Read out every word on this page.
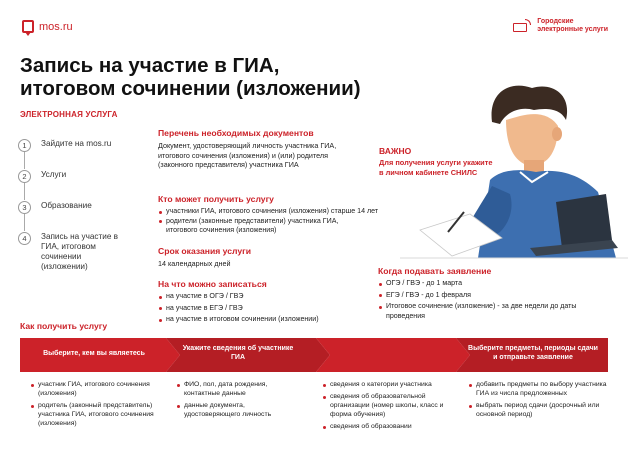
mos.ru	Городские
электронные услуги
Запись на участие в ГИА,
итоговом сочинении (изложении)
ЭЛЕКТРОННАЯ УСЛУГА
1	Зайдите на mos.ru
2	Услуги
3	Образование
4	Запись на участие в ГИА, итоговом сочинении (изложении)
Перечень необходимых документов
Документ, удостоверяющий личность участника ГИА, итогового сочинения (изложения) и (или) родителя (законного представителя) участника ГИА
Кто может получить услугу
участники ГИА, итогового сочинения (изложения) старше 14 лет
родители (законные представители) участника ГИА, итогового сочинения (изложения)
Срок оказания услуги
14 календарных дней
На что можно записаться
на участие в ОГЭ / ГВЭ
на участие в ЕГЭ / ГВЭ
на участие в итоговом сочинении (изложении)
ВАЖНО
Для получения услуги укажите в личном кабинете СНИЛС
Когда подавать заявление
ОГЭ / ГВЭ - до 1 марта
ЕГЭ / ГВЭ - до 1 февраля
Итоговое сочинение (изложение) - за две недели до даты проведения
Как получить услугу
Выберите, кем вы являетесь
Укажите сведения об участнике ГИА
Выберите предметы, периоды сдачи и отправьте заявление
участник ГИА, итогового сочинения (изложения)
родитель (законный представитель) участника ГИА, итогового сочинения (изложения)
ФИО, пол, дата рождения, контактные данные
данные документа, удостоверяющего личность
сведения о категории участника
сведения об образовательной организации (номер школы, класс и форма обучения)
сведения об образовании
добавить предметы по выбору участника ГИА из числа предложенных
выбрать период сдачи (досрочный или основной период)
